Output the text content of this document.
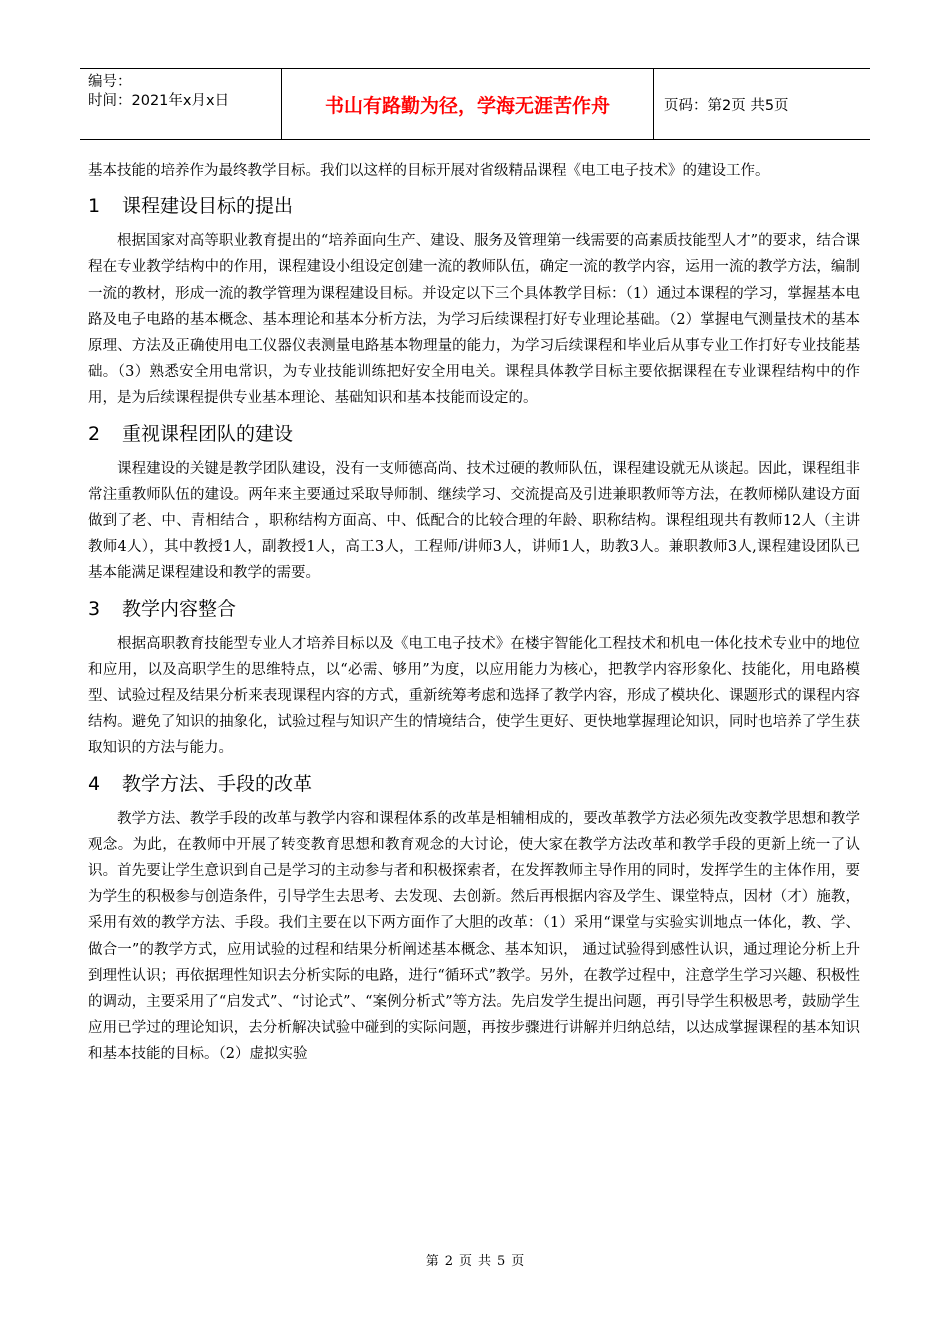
编号：
时间：2021年x月x日	书山有路勤为径，学海无涯苦作舟	页码：第2页 共5页

基本技能的培养作为最终教学目标。我们以这样的目标开展对省级精品课程《电工电子技术》的建设工作。

1 课程建设目标的提出

根据国家对高等职业教育提出的“培养面向生产、建设、服务及管理第一线需要的高素质技能型人才”的要求，结合课程在专业教学结构中的作用，课程建设小组设定创建一流的教师队伍，确定一流的教学内容，运用一流的教学方法，编制一流的教材，形成一流的教学管理为课程建设目标。并设定以下三个具体教学目标：（1）通过本课程的学习，掌握基本电路及电子电路的基本概念、基本理论和基本分析方法，为学习后续课程打好专业理论基础。（2）掌握电气测量技术的基本原理、方法及正确使用电工仪器仪表测量电路基本物理量的能力，为学习后续课程和毕业后从事专业工作打好专业技能基础。（3）熟悉安全用电常识，为专业技能训练把好安全用电关。课程具体教学目标主要依据课程在专业课程结构中的作用，是为后续课程提供专业基本理论、基础知识和基本技能而设定的。

2 重视课程团队的建设

课程建设的关键是教学团队建设，没有一支师德高尚、技术过硬的教师队伍，课程建设就无从谈起。因此，课程组非常注重教师队伍的建设。两年来主要通过采取导师制、继续学习、交流提高及引进兼职教师等方法，在教师梯队建设方面做到了老、中、青相结合 ，职称结构方面高、中、低配合的比较合理的年龄、职称结构。课程组现共有教师12人（主讲教师4人），其中教授1人，副教授1人，高工3人，工程师/讲师3人，讲师1人，助教3人。兼职教师3人,课程建设团队已基本能满足课程建设和教学的需要。

3 教学内容整合

根据高职教育技能型专业人才培养目标以及《电工电子技术》在楼宇智能化工程技术和机电一体化技术专业中的地位和应用，以及高职学生的思维特点，以“必需、够用”为度，以应用能力为核心，把教学内容形象化、技能化，用电路模型、试验过程及结果分析来表现课程内容的方式，重新统筹考虑和选择了教学内容，形成了模块化、课题形式的课程内容结构。避免了知识的抽象化，试验过程与知识产生的情境结合，使学生更好、更快地掌握理论知识，同时也培养了学生获取知识的方法与能力。

4 教学方法、手段的改革

教学方法、教学手段的改革与教学内容和课程体系的改革是相辅相成的，要改革教学方法必须先改变教学思想和教学观念。为此，在教师中开展了转变教育思想和教育观念的大讨论，使大家在教学方法改革和教学手段的更新上统一了认识。首先要让学生意识到自己是学习的主动参与者和积极探索者，在发挥教师主导作用的同时，发挥学生的主体作用，要为学生的积极参与创造条件，引导学生去思考、去发现、去创新。然后再根据内容及学生、课堂特点，因材（才）施教，采用有效的教学方法、手段。我们主要在以下两方面作了大胆的改革：（1）采用“课堂与实验实训地点一体化，教、学、做合一”的教学方式，应用试验的过程和结果分析阐述基本概念、基本知识， 通过试验得到感性认识，通过理论分析上升到理性认识；再依据理性知识去分析实际的电路，进行“循环式”教学。另外，在教学过程中，注意学生学习兴趣、积极性的调动，主要采用了“启发式”、“讨论式”、“案例分析式”等方法。先启发学生提出问题，再引导学生积极思考，鼓励学生应用已学过的理论知识，去分析解决试验中碰到的实际问题，再按步骤进行讲解并归纳总结，以达成掌握课程的基本知识和基本技能的目标。（2）虚拟实验

第 2 页 共 5 页
